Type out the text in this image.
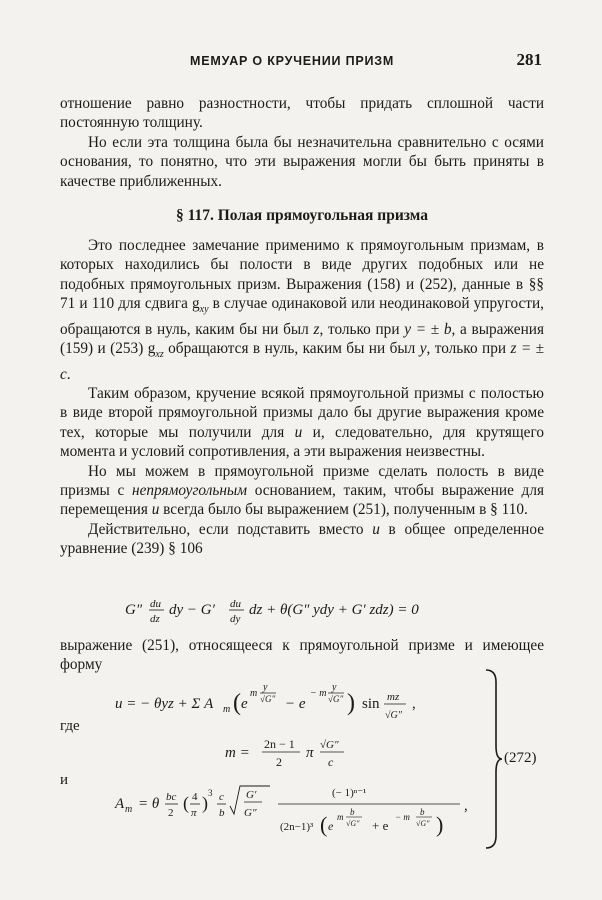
МЕМУАР О КРУЧЕНИИ ПРИЗМ	281

отношение равно разностности, чтобы придать сплошной части постоянную толщину.

Но если эта толщина была бы незначительна сравнительно с осями основания, то понятно, что эти выражения могли бы быть приняты в качестве приближенных.

§ 117. Полая прямоугольная призма

Это последнее замечание применимо к прямоугольным призмам, в которых находились бы полости в виде других подобных или не подобных прямоугольных призм. Выражения (158) и (252), данные в §§ 71 и 110 для сдвига $g_{xy}$ в случае одинаковой или неодинаковой упругости, обращаются в нуль, каким бы ни был z, только при y = ± b, а выражения (159) и (253) $g_{xz}$ обращаются в нуль, каким бы ни был y, только при z = ± c.

Таким образом, кручение всякой прямоугольной призмы с полостью в виде второй прямоугольной призмы дало бы другие выражения кроме тех, которые мы получили для u и, следовательно, для крутящего момента и условий сопротивления, а эти выражения неизвестны.

Но мы можем в прямоугольной призме сделать полость в виде призмы с непрямоугольным основанием, таким, чтобы выражение для перемещения u всегда было бы выражением (251), полученным в § 110.

Действительно, если подставить вместо u в общее определенное уравнение (239) § 106

G″ du
dz
dy − G′ du
dy
dz + θ(G″ ydy + G′ zdz) = 0

выражение (251), относящееся к прямоугольной призме и имеющее форму

u = − θyz + Σ A m ( e
m
y
√G″ − e
− m
y
√G″ ) sin mz
√G″
,
где
m =
2n − 1
2
π √G″
c
и
A m = θ bc
2 ( 4
π ) 3 c
b
G′
G″
(− 1)ⁿ⁻¹
(2n−1)³ ( e
m b
√G″ + e
− m b
√G″ )
,
(272)
